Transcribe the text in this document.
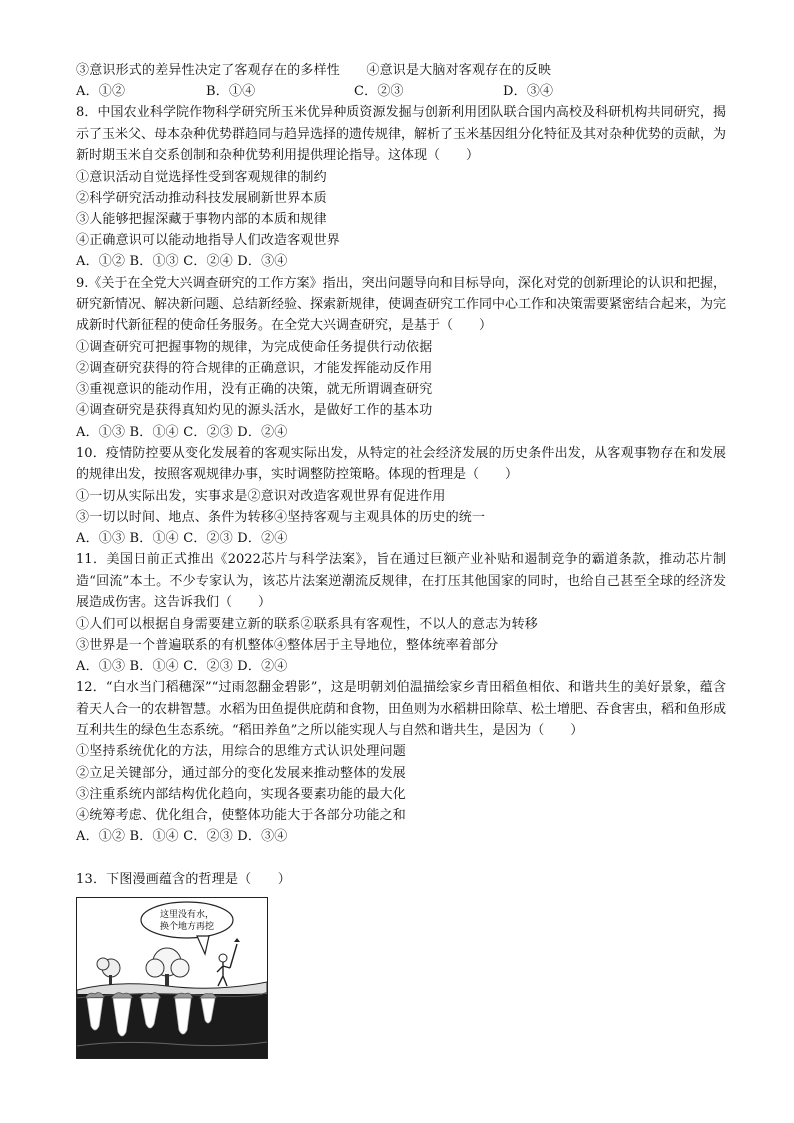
③意识形式的差异性决定了客观存在的多样性　　④意识是大脑对客观存在的反映
A．①②	B．①④	C．②③	D．③④
8．中国农业科学院作物科学研究所玉米优异种质资源发掘与创新利用团队联合国内高校及科研机构共同研究，揭示了玉米父、母本杂种优势群趋同与趋异选择的遗传规律，解析了玉米基因组分化特征及其对杂种优势的贡献，为新时期玉米自交系创制和杂种优势利用提供理论指导。这体现（　　）
①意识活动自觉选择性受到客观规律的制约
②科学研究活动推动科技发展刷新世界本质
③人能够把握深藏于事物内部的本质和规律
④正确意识可以能动地指导人们改造客观世界
A．①② B．①③ C．②④ D．③④
9.《关于在全党大兴调查研究的工作方案》指出，突出问题导向和目标导向，深化对党的创新理论的认识和把握，研究新情况、解决新问题、总结新经验、探索新规律，使调查研究工作同中心工作和决策需要紧密结合起来，为完成新时代新征程的使命任务服务。在全党大兴调查研究，是基于（　　）
①调查研究可把握事物的规律，为完成使命任务提供行动依据
②调查研究获得的符合规律的正确意识，才能发挥能动反作用
③重视意识的能动作用，没有正确的决策，就无所谓调查研究
④调查研究是获得真知灼见的源头活水，是做好工作的基本功
A．①③ B．①④ C．②③ D．②④
10．疫情防控要从变化发展着的客观实际出发，从特定的社会经济发展的历史条件出发，从客观事物存在和发展的规律出发，按照客观规律办事，实时调整防控策略。体现的哲理是（　　）
①一切从实际出发，实事求是②意识对改造客观世界有促进作用
③一切以时间、地点、条件为转移④坚持客观与主观具体的历史的统一
A．①③ B．①④ C．②③ D．②④
11．美国日前正式推出《2022芯片与科学法案》，旨在通过巨额产业补贴和遏制竞争的霸道条款，推动芯片制造“回流”本土。不少专家认为，该芯片法案逆潮流反规律，在打压其他国家的同时，也给自己甚至全球的经济发展造成伤害。这告诉我们（　　）
①人们可以根据自身需要建立新的联系②联系具有客观性，不以人的意志为转移
③世界是一个普遍联系的有机整体④整体居于主导地位，整体统率着部分
A．①③ B．①④ C．②③ D．②④
12．“白水当门稻穗深”“过雨忽翻金碧影”，这是明朝刘伯温描绘家乡青田稻鱼相依、和谐共生的美好景象，蕴含着天人合一的农耕智慧。水稻为田鱼提供庇荫和食物，田鱼则为水稻耕田除草、松土增肥、吞食害虫，稻和鱼形成互利共生的绿色生态系统。“稻田养鱼”之所以能实现人与自然和谐共生，是因为（　　）
①坚持系统优化的方法，用综合的思维方式认识处理问题
②立足关键部分，通过部分的变化发展来推动整体的发展
③注重系统内部结构优化趋向，实现各要素功能的最大化
④统筹考虑、优化组合，使整体功能大于各部分功能之和
A．①② B．①④ C．②③ D．③④
13．下图漫画蕴含的哲理是（　　）
这里没有水，
换个地方再挖
